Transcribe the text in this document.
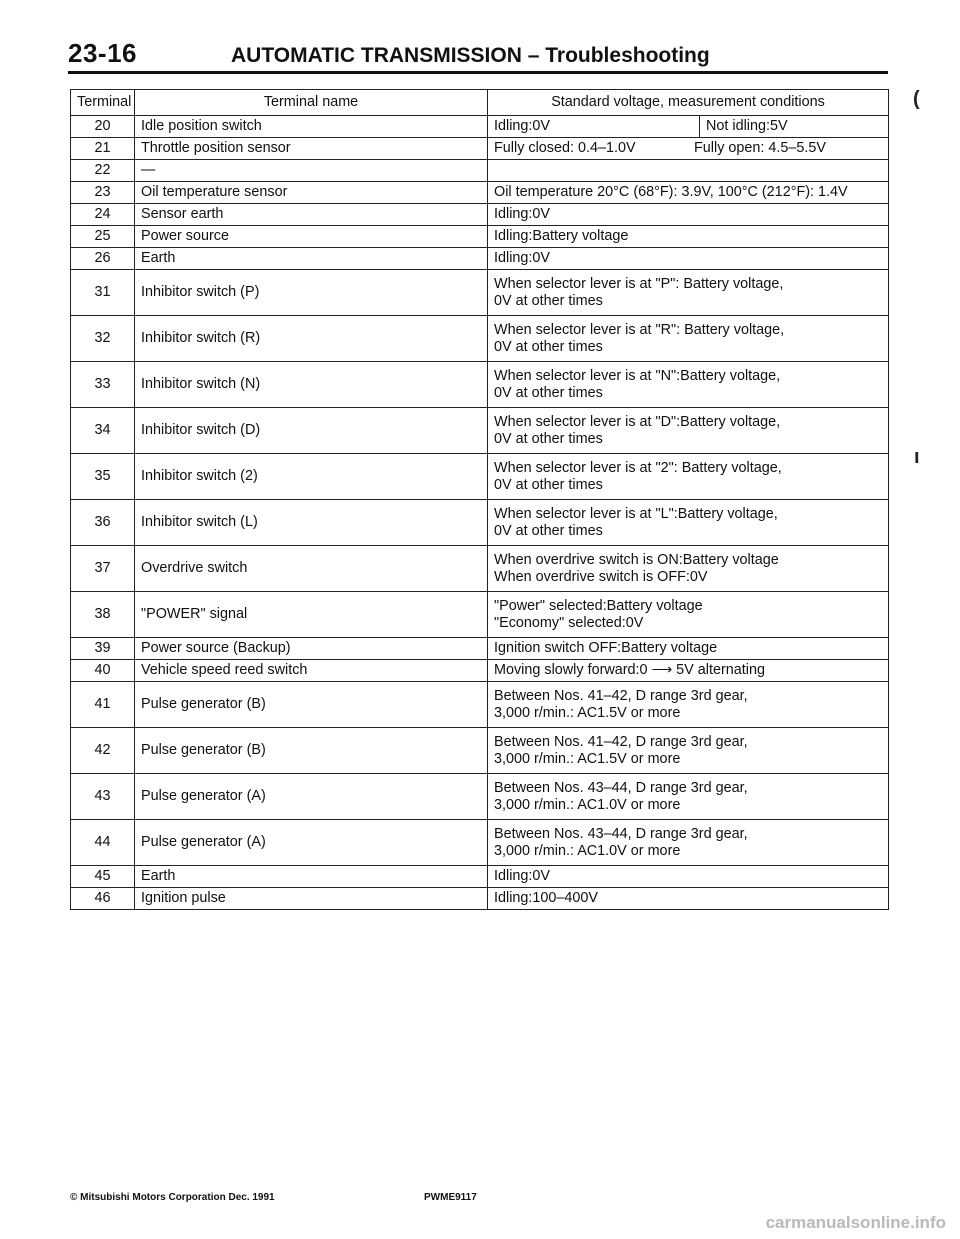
23-16	AUTOMATIC TRANSMISSION – Troubleshooting
Terminal	Terminal name	Standard voltage, measurement conditions
20	Idle position switch	Idling:0V Not idling:5V

21	Throttle position sensor	Fully closed: 0.4–1.0V Fully open: 4.5–5.5V

22	—	
23	Oil temperature sensor	Oil temperature 20°C (68°F): 3.9V, 100°C (212°F): 1.4V
24	Sensor earth	Idling:0V
25	Power source	Idling:Battery voltage
26	Earth	Idling:0V
31	Inhibitor switch (P)	When selector lever is at "P": Battery voltage,
0V at other times

32	Inhibitor switch (R)	When selector lever is at "R": Battery voltage,
0V at other times

33	Inhibitor switch (N)	When selector lever is at "N":Battery voltage,
0V at other times

34	Inhibitor switch (D)	When selector lever is at "D":Battery voltage,
0V at other times

35	Inhibitor switch (2)	When selector lever is at "2": Battery voltage,
0V at other times

36	Inhibitor switch (L)	When selector lever is at "L":Battery voltage,
0V at other times

37	Overdrive switch	When overdrive switch is ON:Battery voltage
When overdrive switch is OFF:0V

38	"POWER" signal	"Power" selected:Battery voltage
"Economy" selected:0V

39	Power source (Backup)	Ignition switch OFF:Battery voltage
40	Vehicle speed reed switch	Moving slowly forward:0 ⟶ 5V alternating
41	Pulse generator (B)	Between Nos. 41–42, D range 3rd gear,
3,000 r/min.: AC1.5V or more

42	Pulse generator (B)	Between Nos. 41–42, D range 3rd gear,
3,000 r/min.: AC1.5V or more

43	Pulse generator (A)	Between Nos. 43–44, D range 3rd gear,
3,000 r/min.: AC1.0V or more

44	Pulse generator (A)	Between Nos. 43–44, D range 3rd gear,
3,000 r/min.: AC1.0V or more

45	Earth	Idling:0V
46	Ignition pulse	Idling:100–400V
(
ı
© Mitsubishi Motors Corporation Dec. 1991	PWME9117
carmanualsonline.info
